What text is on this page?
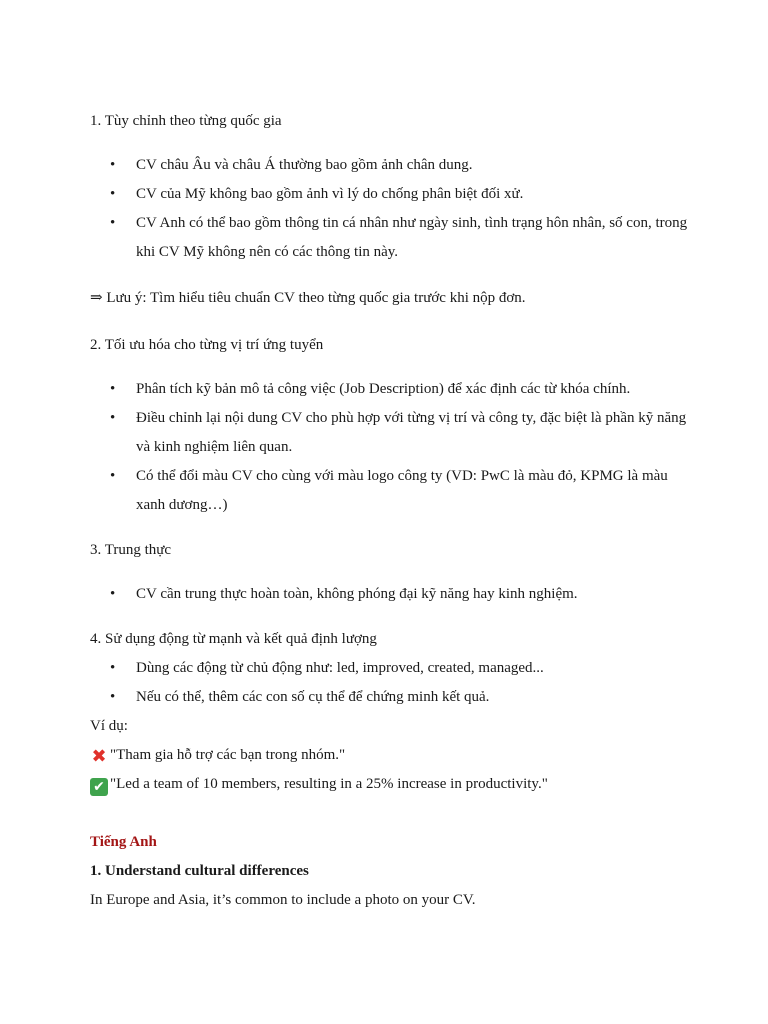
1. Tùy chỉnh theo từng quốc gia
• CV châu Âu và châu Á thường bao gồm ảnh chân dung.
• CV của Mỹ không bao gồm ảnh vì lý do chống phân biệt đối xử.
• CV Anh có thể bao gồm thông tin cá nhân như ngày sinh, tình trạng hôn nhân, số con, trong khi CV Mỹ không nên có các thông tin này.
⇒ Lưu ý: Tìm hiểu tiêu chuẩn CV theo từng quốc gia trước khi nộp đơn.
2. Tối ưu hóa cho từng vị trí ứng tuyển
• Phân tích kỹ bản mô tả công việc (Job Description) để xác định các từ khóa chính.
• Điều chỉnh lại nội dung CV cho phù hợp với từng vị trí và công ty, đặc biệt là phần kỹ năng và kinh nghiệm liên quan.
• Có thể đổi màu CV cho cùng với màu logo công ty (VD: PwC là màu đỏ, KPMG là màu xanh dương…)
3. Trung thực
• CV cần trung thực hoàn toàn, không phóng đại kỹ năng hay kinh nghiệm.
4. Sử dụng động từ mạnh và kết quả định lượng
• Dùng các động từ chủ động như: led, improved, created, managed...
• Nếu có thể, thêm các con số cụ thể để chứng minh kết quả.
Ví dụ:
✖ "Tham gia hỗ trợ các bạn trong nhóm."
✔ "Led a team of 10 members, resulting in a 25% increase in productivity."
Tiếng Anh
1. Understand cultural differences
In Europe and Asia, it’s common to include a photo on your CV.
